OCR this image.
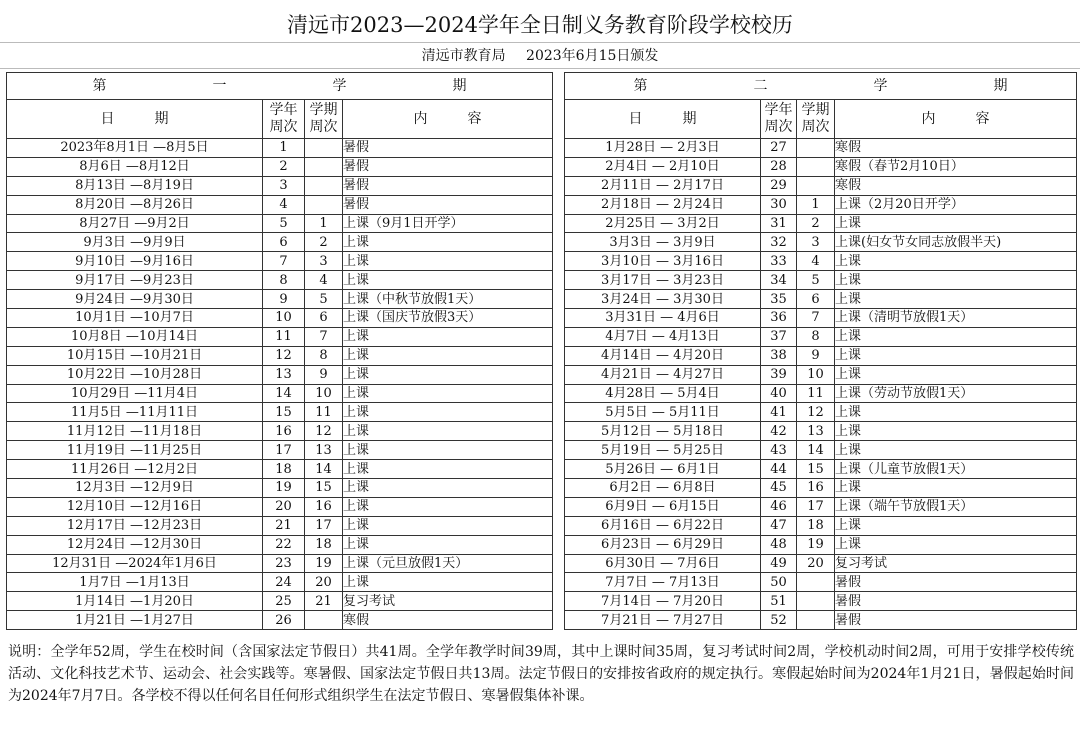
清远市2023—2024学年全日制义务教育阶段学校校历
清远市教育局 2023年6月15日颁发
第 一 学 期			
日 期	学年周次	学期周次	内 容
2023年8月1日 —8月5日	1		暑假
8月6日 —8月12日	2		暑假
8月13日 —8月19日	3		暑假
8月20日 —8月26日	4		暑假
8月27日 —9月2日	5	1	上课（9月1日开学）
9月3日 —9月9日	6	2	上课
9月10日 —9月16日	7	3	上课
9月17日 —9月23日	8	4	上课
9月24日 —9月30日	9	5	上课（中秋节放假1天）
10月1日 —10月7日	10	6	上课（国庆节放假3天）
10月8日 —10月14日	11	7	上课
10月15日 —10月21日	12	8	上课
10月22日 —10月28日	13	9	上课
10月29日 —11月4日	14	10	上课
11月5日 —11月11日	15	11	上课
11月12日 —11月18日	16	12	上课
11月19日 —11月25日	17	13	上课
11月26日 —12月2日	18	14	上课
12月3日 —12月9日	19	15	上课
12月10日 —12月16日	20	16	上课
12月17日 —12月23日	21	17	上课
12月24日 —12月30日	22	18	上课
12月31日 —2024年1月6日	23	19	上课（元旦放假1天）
1月7日 —1月13日	24	20	上课
1月14日 —1月20日	25	21	复习考试
1月21日 —1月27日	26		寒假
第 二 学 期			
日 期	学年周次	学期周次	内 容
1月28日 — 2月3日	27		寒假
2月4日 — 2月10日	28		寒假（春节2月10日）
2月11日 — 2月17日	29		寒假
2月18日 — 2月24日	30	1	上课（2月20日开学）
2月25日 — 3月2日	31	2	上课
3月3日 — 3月9日	32	3	上课(妇女节女同志放假半天)
3月10日 — 3月16日	33	4	上课
3月17日 — 3月23日	34	5	上课
3月24日 — 3月30日	35	6	上课
3月31日 — 4月6日	36	7	上课（清明节放假1天）
4月7日 — 4月13日	37	8	上课
4月14日 — 4月20日	38	9	上课
4月21日 — 4月27日	39	10	上课
4月28日 — 5月4日	40	11	上课（劳动节放假1天）
5月5日 — 5月11日	41	12	上课
5月12日 — 5月18日	42	13	上课
5月19日 — 5月25日	43	14	上课
5月26日 — 6月1日	44	15	上课（儿童节放假1天）
6月2日 — 6月8日	45	16	上课
6月9日 — 6月15日	46	17	上课（端午节放假1天）
6月16日 — 6月22日	47	18	上课
6月23日 — 6月29日	48	19	上课
6月30日 — 7月6日	49	20	复习考试
7月7日 — 7月13日	50		暑假
7月14日 — 7月20日	51		暑假
7月21日 — 7月27日	52		暑假
说明：全学年52周，学生在校时间（含国家法定节假日）共41周。全学年教学时间39周，其中上课时间35周，复习考试时间2周，学校机动时间2周，可用于安排学校传统活动、文化科技艺术节、运动会、社会实践等。寒暑假、国家法定节假日共13周。法定节假日的安排按省政府的规定执行。寒假起始时间为2024年1月21日，暑假起始时间为2024年7月7日。各学校不得以任何名目任何形式组织学生在法定节假日、寒暑假集体补课。
